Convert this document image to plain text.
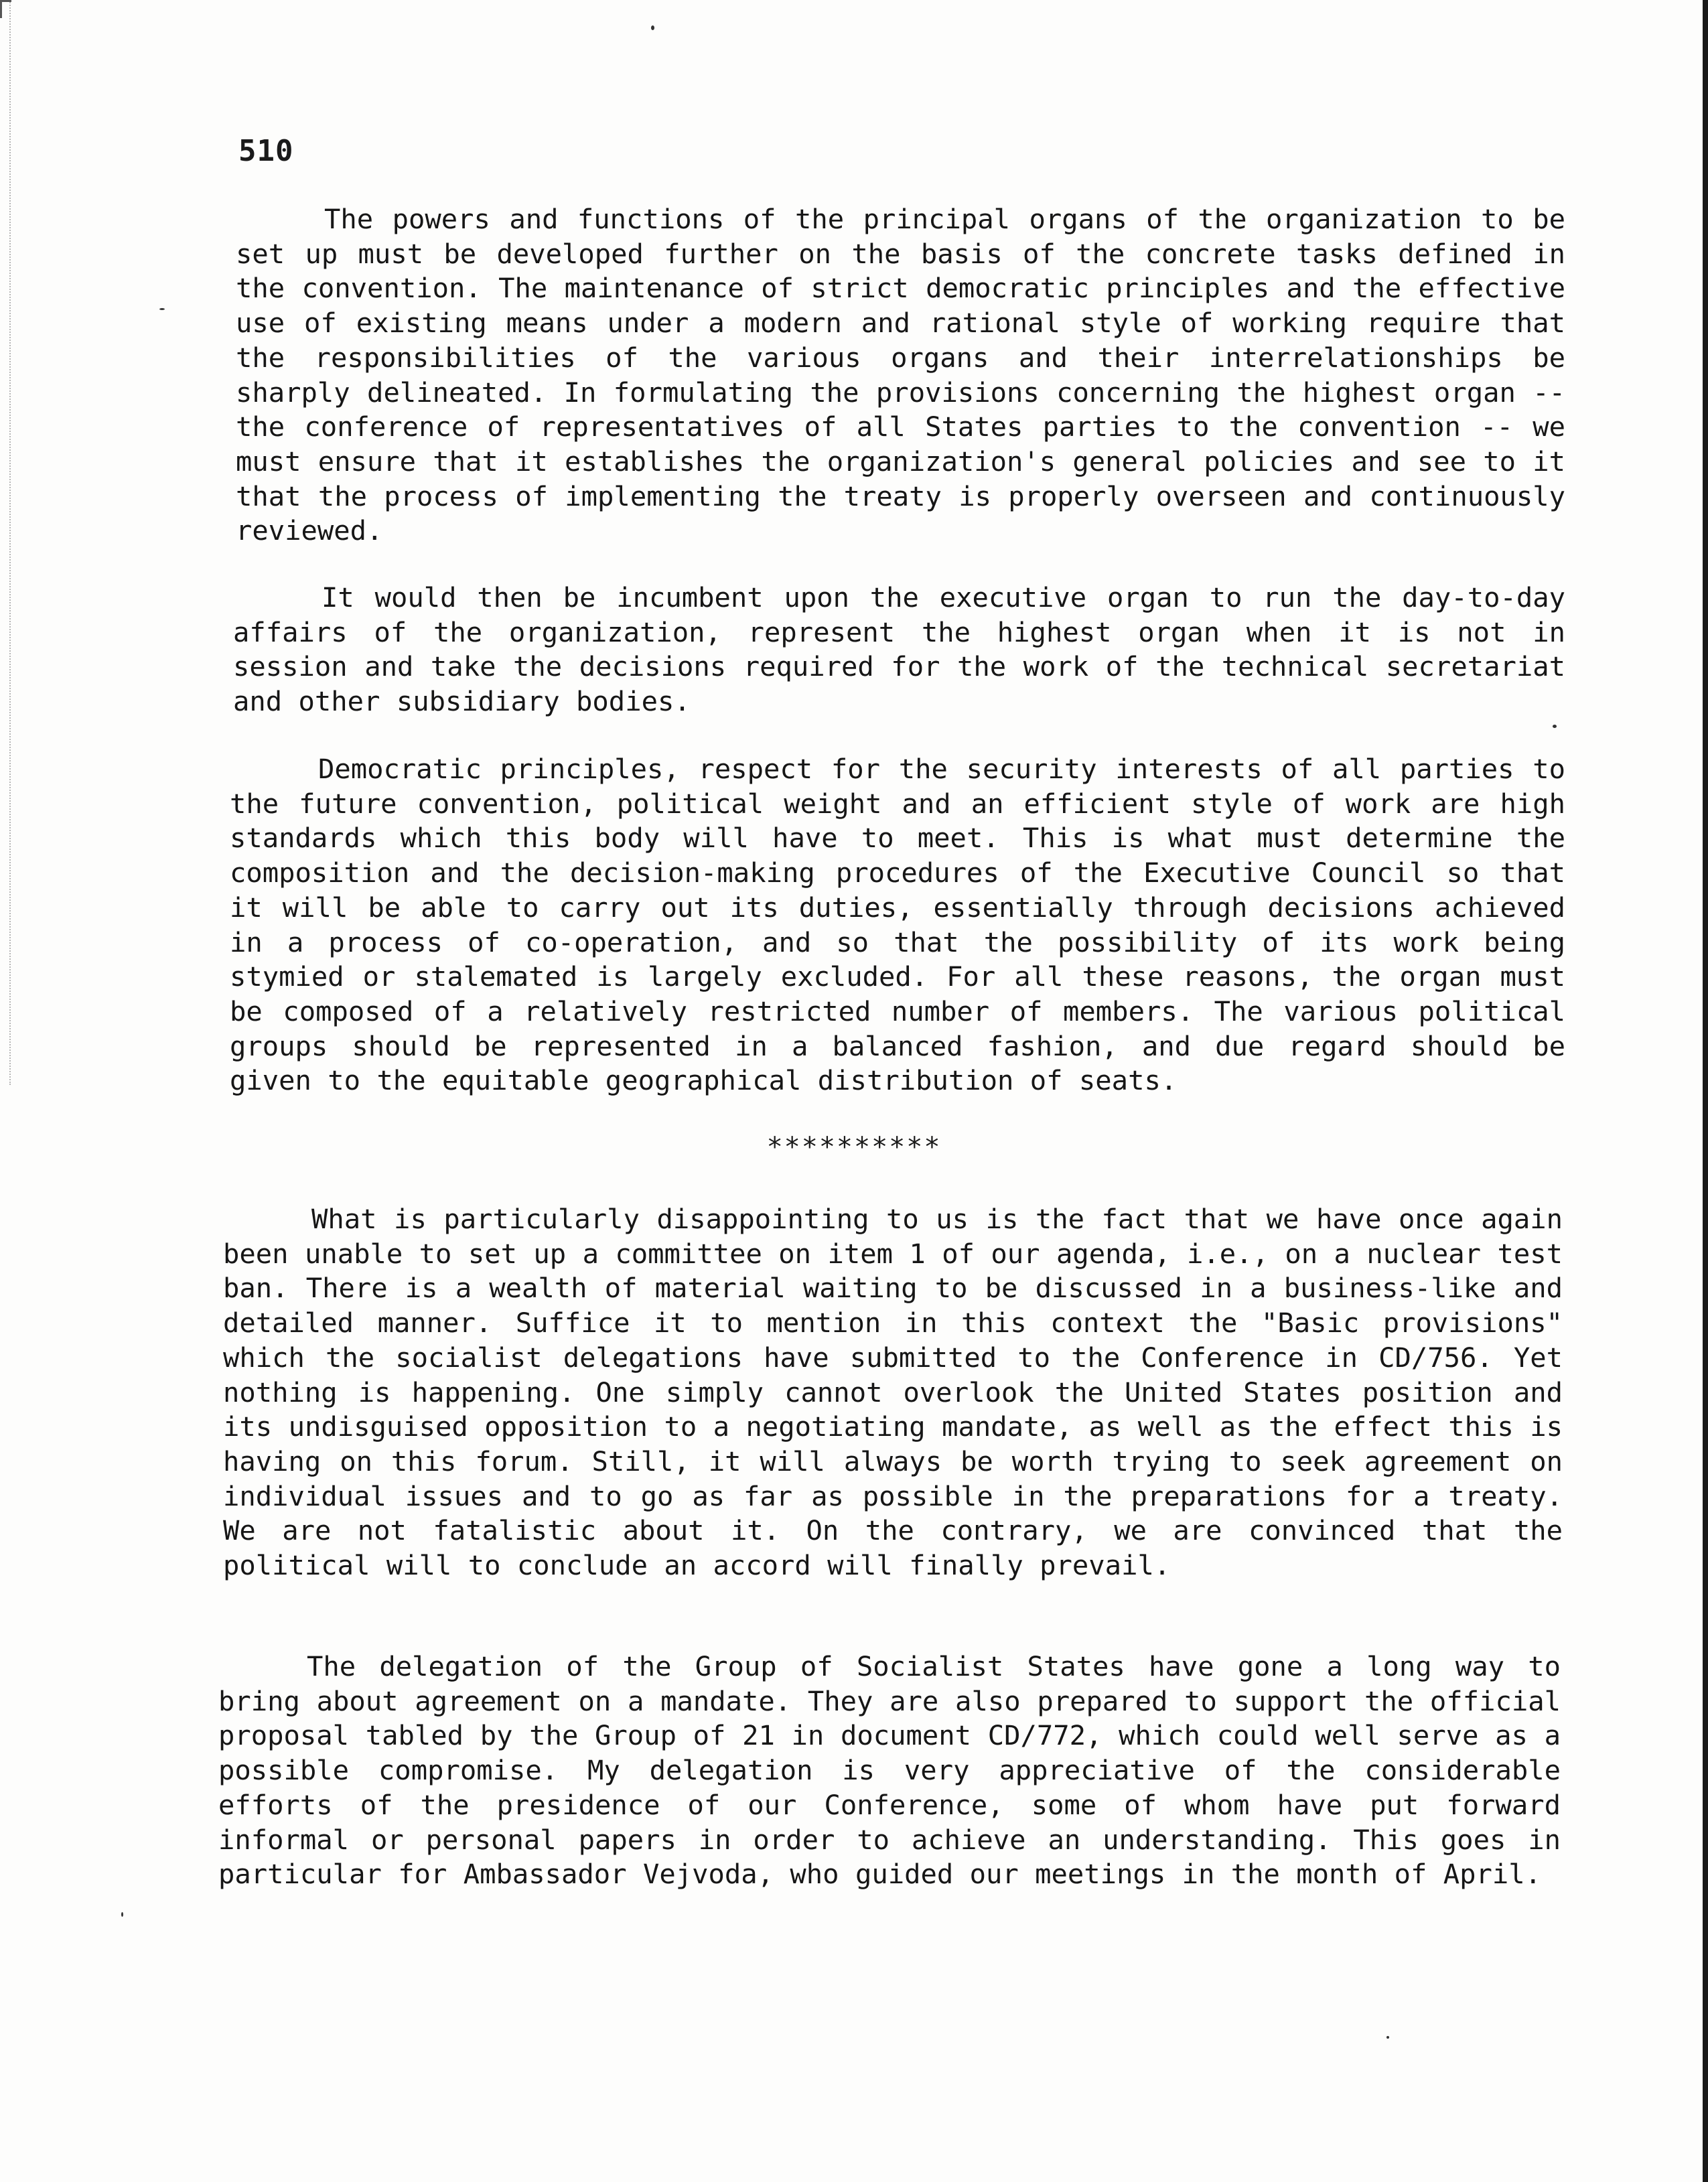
510

The powers and functions of the principal organs of the organization to be set up must be developed further on the basis of the concrete tasks defined in the convention. The maintenance of strict democratic principles and the effective use of existing means under a modern and rational style of working require that the responsibilities of the various organs and their interrelationships be sharply delineated. In formulating the provisions concerning the highest organ -- the conference of representatives of all States parties to the convention -- we must ensure that it establishes the organization's general policies and see to it that the process of implementing the treaty is properly overseen and continuously reviewed.

It would then be incumbent upon the executive organ to run the day-to-day affairs of the organization, represent the highest organ when it is not in session and take the decisions required for the work of the technical secretariat and other subsidiary bodies.

Democratic principles, respect for the security interests of all parties to the future convention, political weight and an efficient style of work are high standards which this body will have to meet. This is what must determine the composition and the decision-making procedures of the Executive Council so that it will be able to carry out its duties, essentially through decisions achieved in a process of co-operation, and so that the possibility of its work being stymied or stalemated is largely excluded. For all these reasons, the organ must be composed of a relatively restricted number of members. The various political groups should be represented in a balanced fashion, and due regard should be given to the equitable geographical distribution of seats.

**********

What is particularly disappointing to us is the fact that we have once again been unable to set up a committee on item 1 of our agenda, i.e., on a nuclear test ban. There is a wealth of material waiting to be discussed in a business-like and detailed manner. Suffice it to mention in this context the "Basic provisions" which the socialist delegations have submitted to the Conference in CD/756. Yet nothing is happening. One simply cannot overlook the United States position and its undisguised opposition to a negotiating mandate, as well as the effect this is having on this forum. Still, it will always be worth trying to seek agreement on individual issues and to go as far as possible in the preparations for a treaty. We are not fatalistic about it. On the contrary, we are convinced that the political will to conclude an accord will finally prevail.

The delegation of the Group of Socialist States have gone a long way to bring about agreement on a mandate. They are also prepared to support the official proposal tabled by the Group of 21 in document CD/772, which could well serve as a possible compromise. My delegation is very appreciative of the considerable efforts of the presidence of our Conference, some of whom have put forward informal or personal papers in order to achieve an understanding. This goes in particular for Ambassador Vejvoda, who guided our meetings in the month of April.
